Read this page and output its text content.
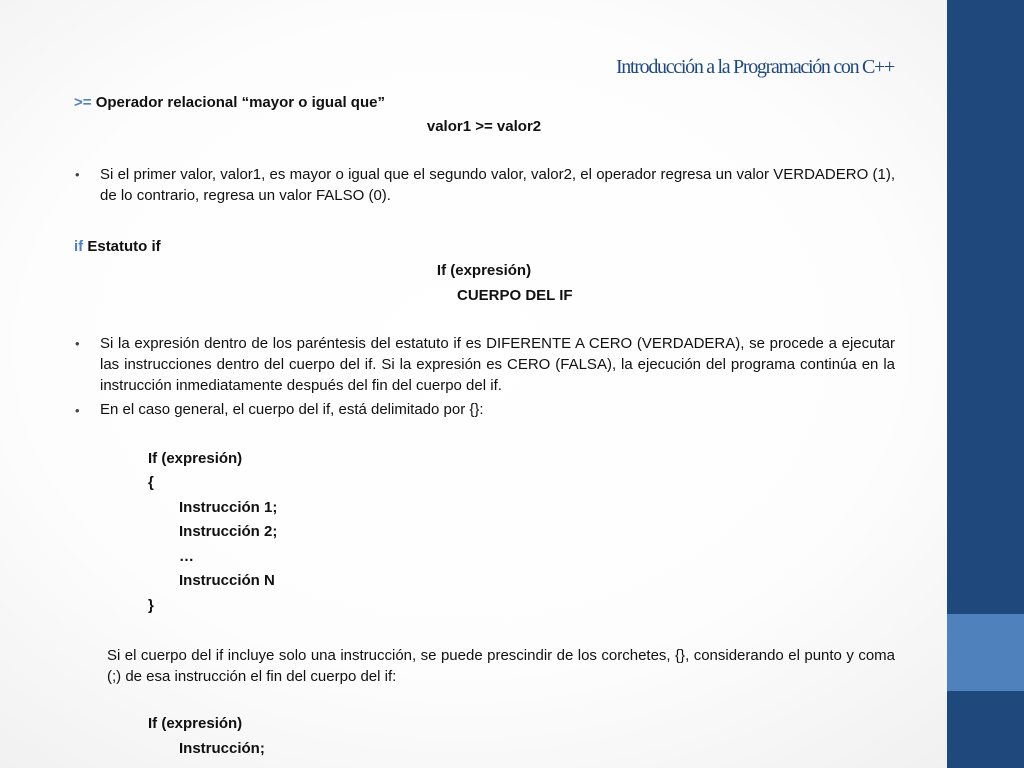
Introducción a la Programación con C++
>= Operador relacional “mayor o igual que”
valor1 >= valor2
• Si el primer valor, valor1, es mayor o igual que el segundo valor, valor2, el operador regresa un valor VERDADERO (1), de lo contrario, regresa un valor FALSO (0).
if Estatuto if
If (expresión)
CUERPO DEL IF
• Si la expresión dentro de los paréntesis del estatuto if es DIFERENTE A CERO (VERDADERA), se procede a ejecutar las instrucciones dentro del cuerpo del if. Si la expresión es CERO (FALSA), la ejecución del programa continúa en la instrucción inmediatamente después del fin del cuerpo del if.
• En el caso general, el cuerpo del if, está delimitado por {}:
If (expresión)
{
Instrucción 1;
Instrucción 2;
…
Instrucción N
}
Si el cuerpo del if incluye solo una instrucción, se puede prescindir de los corchetes, {}, considerando el punto y coma (;) de esa instrucción el fin del cuerpo del if:
If (expresión)
Instrucción;
